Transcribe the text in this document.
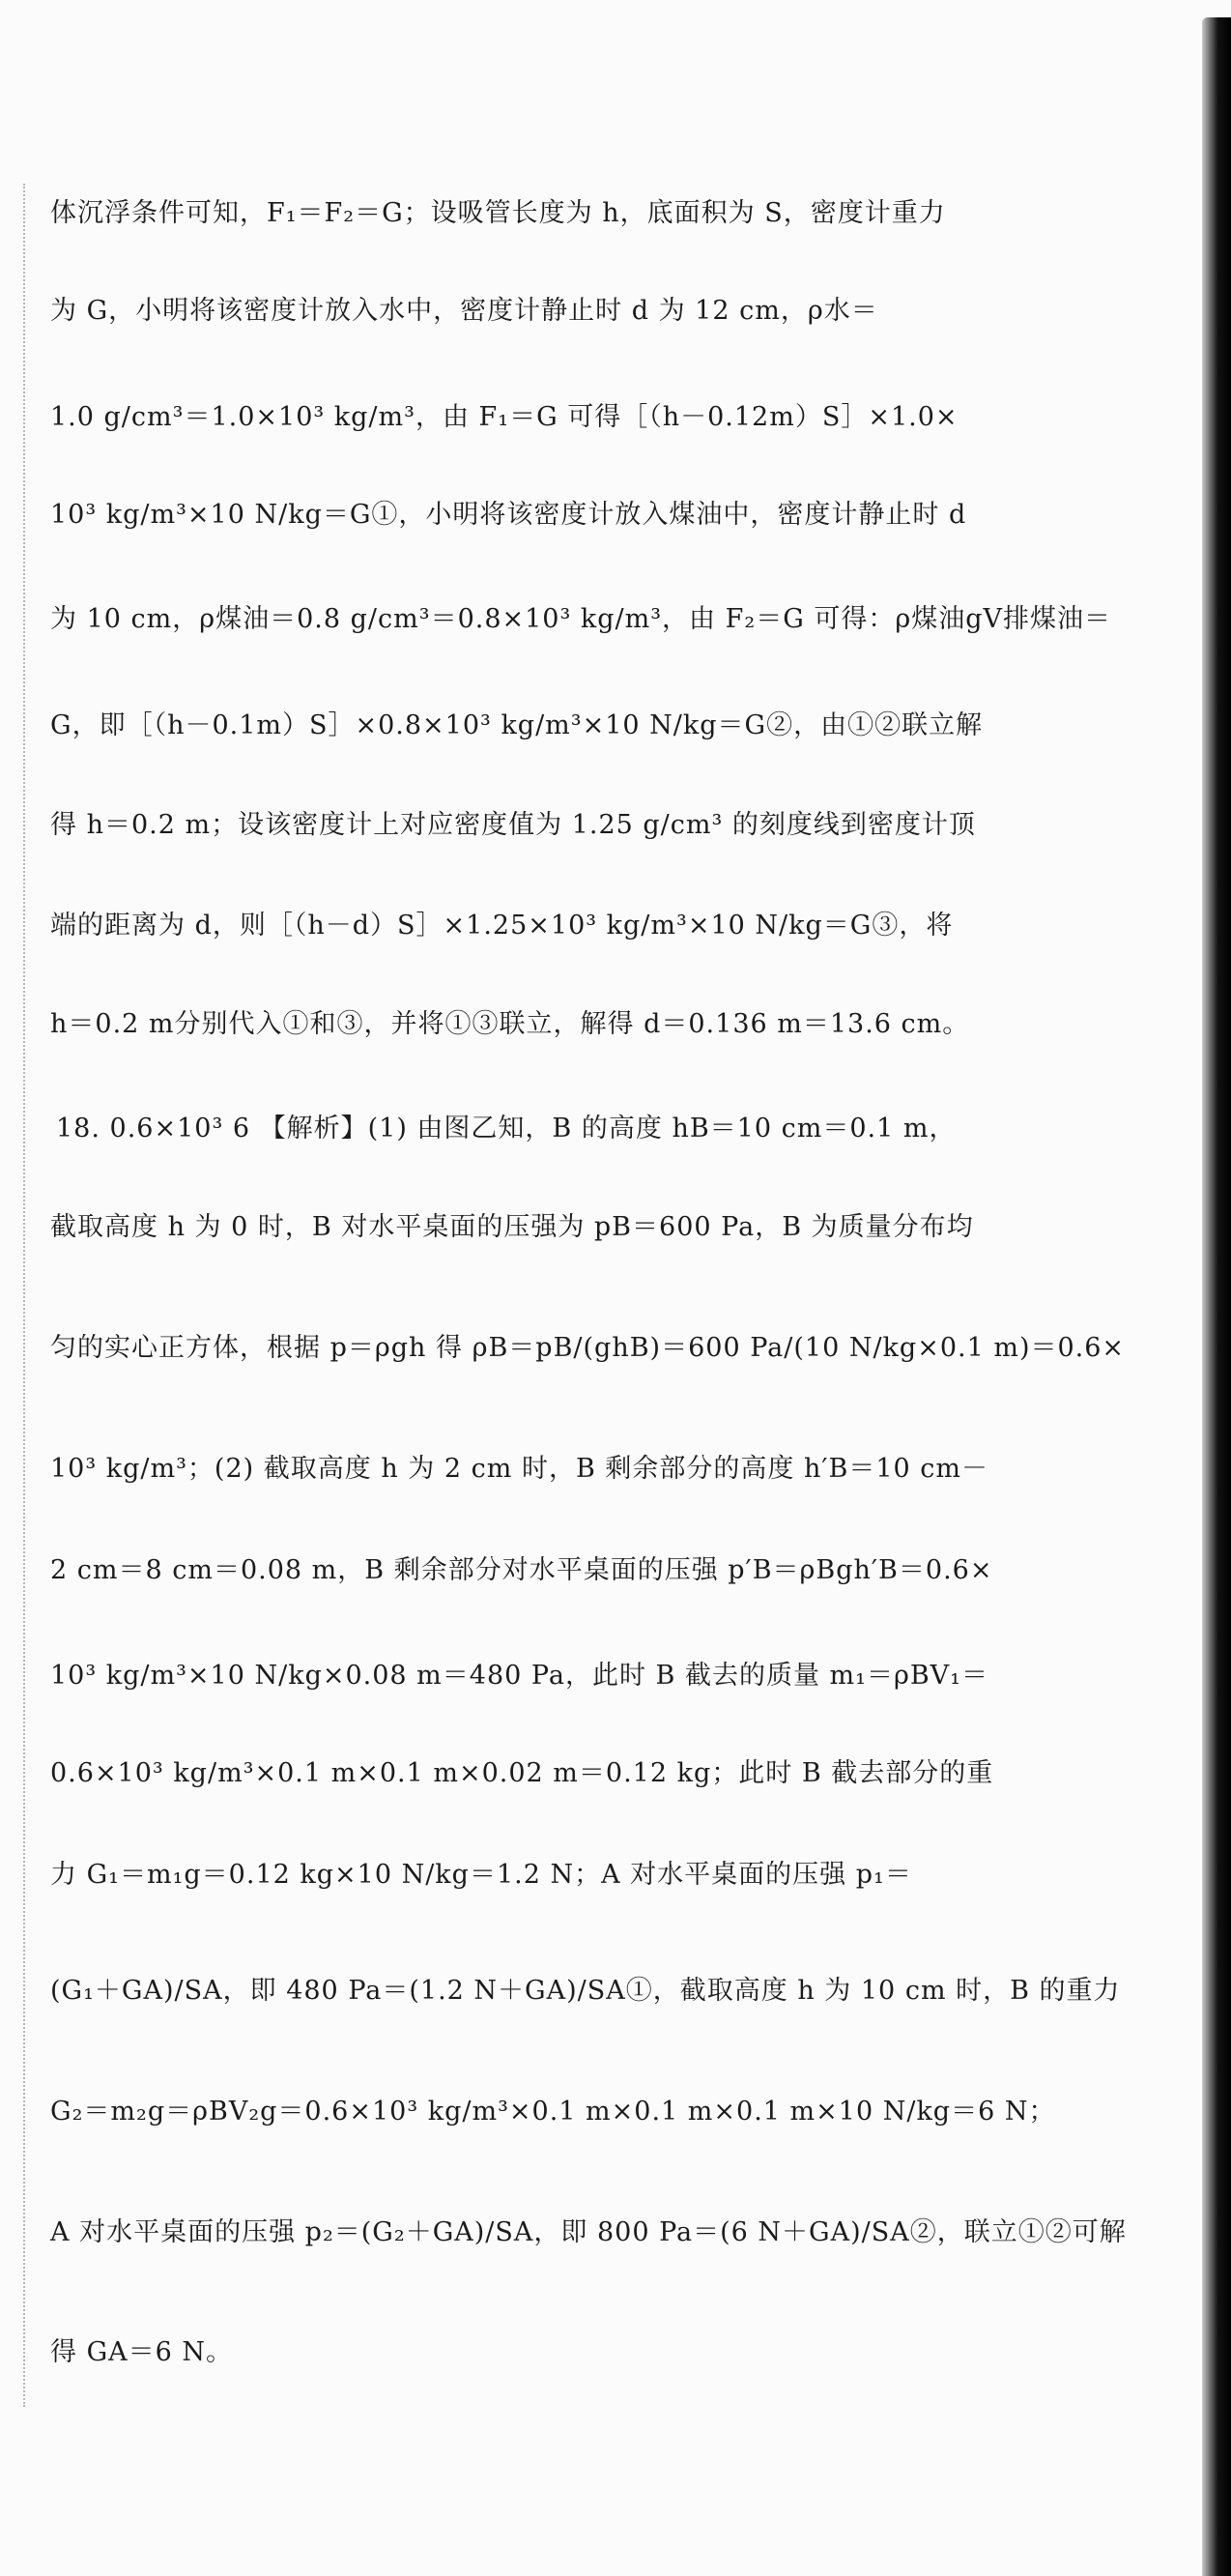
体沉浮条件可知，F₁＝F₂＝G；设吸管长度为 h，底面积为 S，密度计重力
为 G，小明将该密度计放入水中，密度计静止时 d 为 12 cm，ρ水＝
1.0 g/cm³＝1.0×10³ kg/m³，由 F₁＝G 可得［（h－0.12m）S］×1.0×
10³ kg/m³×10 N/kg＝G①，小明将该密度计放入煤油中，密度计静止时 d
为 10 cm，ρ煤油＝0.8 g/cm³＝0.8×10³ kg/m³，由 F₂＝G 可得：ρ煤油gV排煤油＝
G，即［（h－0.1m）S］×0.8×10³ kg/m³×10 N/kg＝G②，由①②联立解
得 h＝0.2 m；设该密度计上对应密度值为 1.25 g/cm³ 的刻度线到密度计顶
端的距离为 d，则［（h－d）S］×1.25×10³ kg/m³×10 N/kg＝G③，将
h＝0.2 m分别代入①和③，并将①③联立，解得 d＝0.136 m＝13.6 cm。
18. 0.6×10³ 6 【解析】(1) 由图乙知，B 的高度 hB＝10 cm＝0.1 m，
截取高度 h 为 0 时，B 对水平桌面的压强为 pB＝600 Pa，B 为质量分布均
匀的实心正方体，根据 p＝ρgh 得 ρB＝pB/(ghB)＝600 Pa/(10 N/kg×0.1 m)＝0.6×
10³ kg/m³；(2) 截取高度 h 为 2 cm 时，B 剩余部分的高度 h′B＝10 cm－
2 cm＝8 cm＝0.08 m，B 剩余部分对水平桌面的压强 p′B＝ρBgh′B＝0.6×
10³ kg/m³×10 N/kg×0.08 m＝480 Pa，此时 B 截去的质量 m₁＝ρBV₁＝
0.6×10³ kg/m³×0.1 m×0.1 m×0.02 m＝0.12 kg；此时 B 截去部分的重
力 G₁＝m₁g＝0.12 kg×10 N/kg＝1.2 N；A 对水平桌面的压强 p₁＝
(G₁＋GA)/SA，即 480 Pa＝(1.2 N＋GA)/SA①，截取高度 h 为 10 cm 时，B 的重力
G₂＝m₂g＝ρBV₂g＝0.6×10³ kg/m³×0.1 m×0.1 m×0.1 m×10 N/kg＝6 N；
A 对水平桌面的压强 p₂＝(G₂＋GA)/SA，即 800 Pa＝(6 N＋GA)/SA②，联立①②可解
得 GA＝6 N。
